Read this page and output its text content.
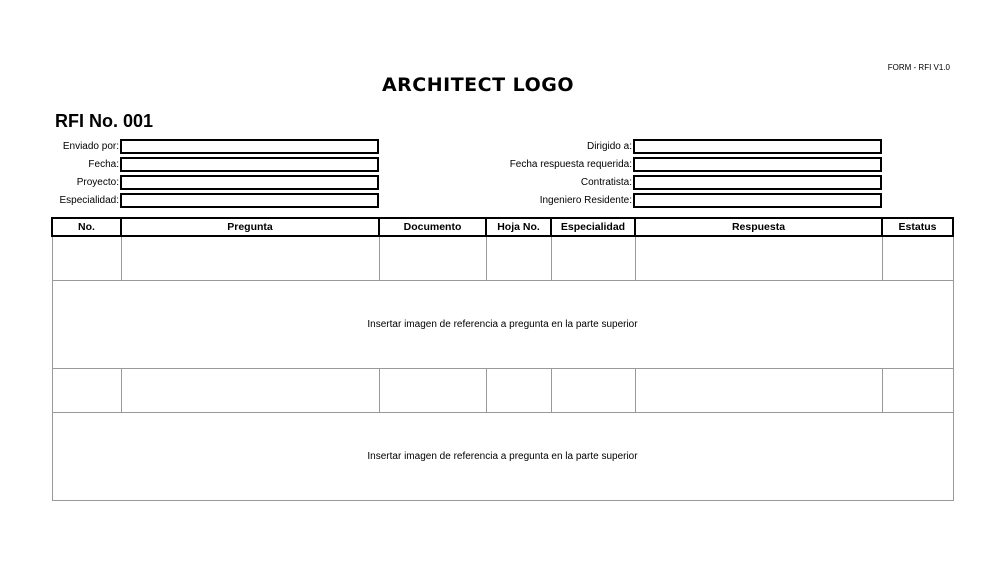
FORM - RFI V1.0
ARCHITECT LOGO
RFI No. 001
Enviado por:
Fecha:
Proyecto:
Especialidad:
Dirigido a:
Fecha respuesta requerida:
Contratista:
Ingeniero Residente:
No.	Pregunta	Documento	Hoja No.	Especialidad	Respuesta	Estatus

Insertar imagen de referencia a pregunta en la parte superior						

Insertar imagen de referencia a pregunta en la parte superior						
